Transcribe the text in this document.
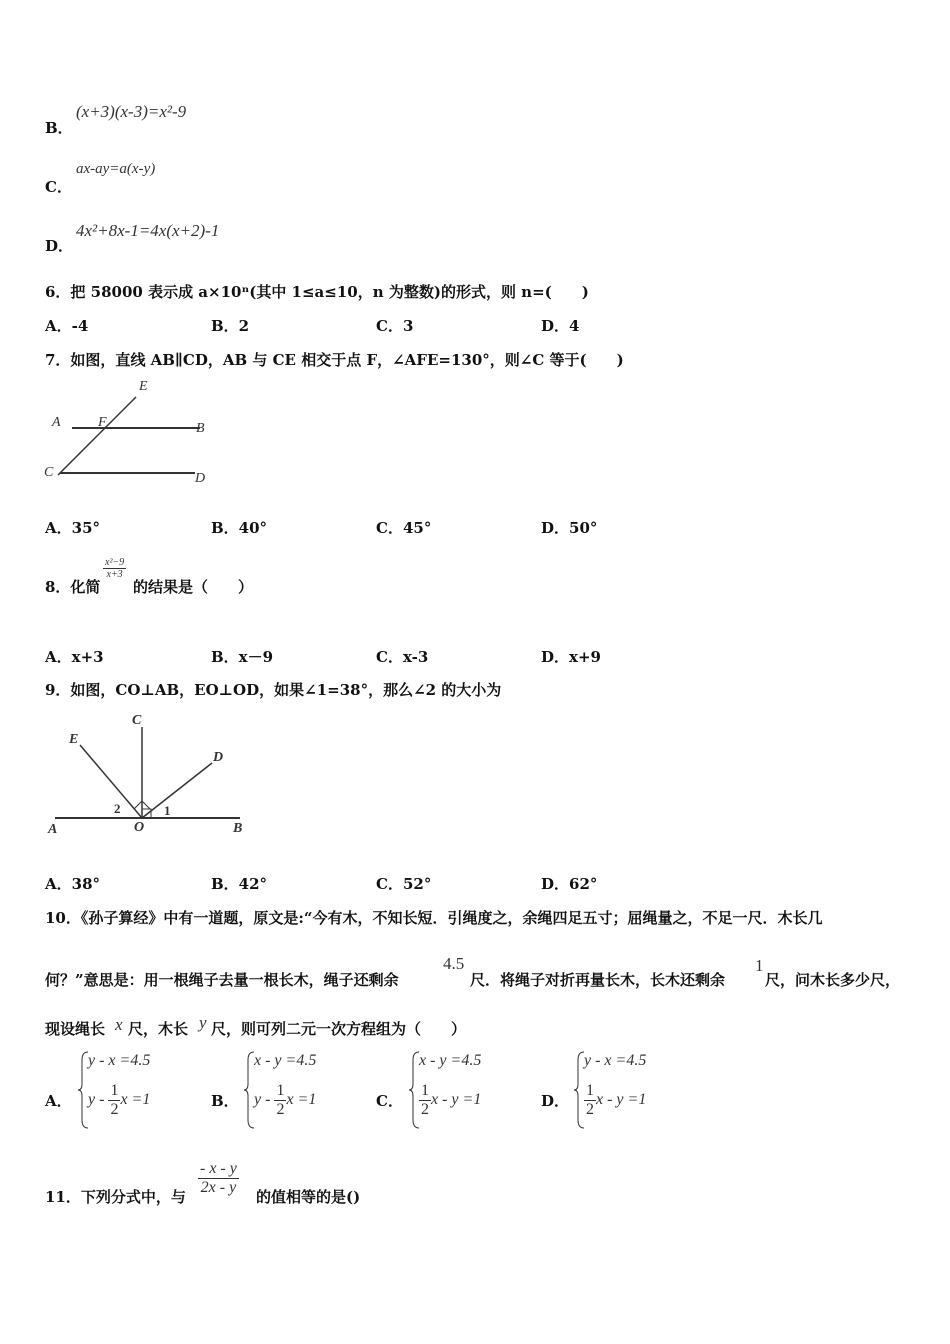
B．
(x+3)(x-3)=x²-9
C．
ax-ay=a(x-y)
D．
4x²+8x-1=4x(x+2)-1
6．把 58000 表示成 a×10ⁿ(其中 1≤a≤10，n 为整数)的形式，则 n=(　　)
A．-4	B．2	C．3	D．4
7．如图，直线 AB∥CD，AB 与 CE 相交于点 F，∠AFE=130°，则∠C 等于(　　)
E
A	F	B
C	D
A．35°	B．40°	C．45°	D．50°
8．化简
$\frac{\text{x²−9}}{x+3}$
的结果是（　　）
A．x+3	B．x－9	C．x-3	D．x+9
9．如图，CO⊥AB，EO⊥OD，如果∠1=38°，那么∠2 的大小为
C
E
D
A	O	B
1
2
A．38°	B．42°	C．52°	D．62°
10．《孙子算经》中有一道题，原文是:“今有木，不知长短．引绳度之，余绳四足五寸；屈绳量之，不足一尺．木长几
何？”意思是：用一根绳子去量一根长木，绳子还剩余
4.5
尺．将绳子对折再量长木，长木还剩余
1
尺，问木长多少尺，
现设绳长 x 尺，木长 y 尺，则可列二元一次方程组为（　　）
A．
y - x =4.5
y - $\frac{1}{2}$ x =1	B．
x - y =4.5
y - $\frac{1}{2}$ x =1	C．
x - y =4.5
$\frac{1}{2}$ x - y =1	D．
y - x =4.5
$\frac{1}{2}$ x - y =1
11．下列分式中，与 $\frac{- x - y}{2x - y}$ 的值相等的是()
